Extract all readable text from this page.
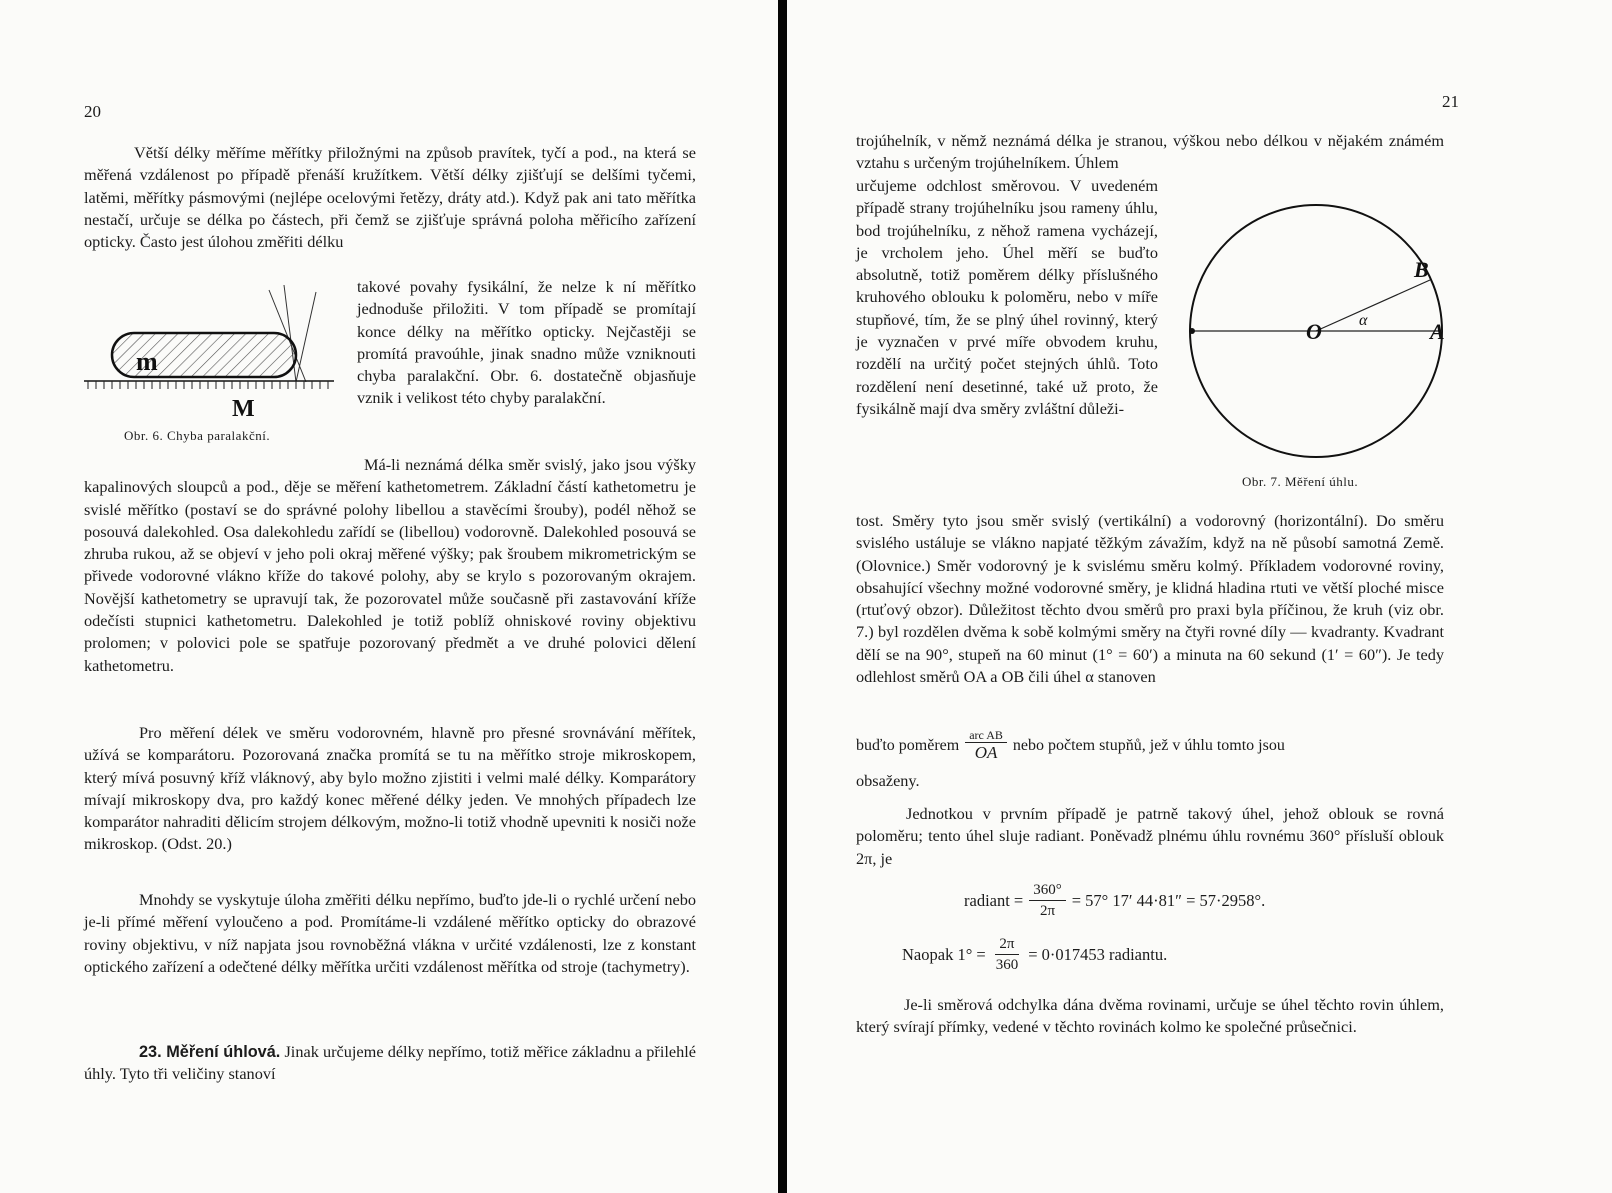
20

Větší délky měříme měřítky přiložnými na způsob pravítek, tyčí a pod., na která se měřená vzdálenost po případě přenáší kružítkem. Větší délky zjišťují se delšími tyčemi, latěmi, měřítky pásmovými (nejlépe ocelovými řetězy, dráty atd.). Když pak ani tato měřítka nestačí, určuje se délka po částech, při čemž se zjišťuje správná poloha měřicího zařízení opticky. Často jest úlohou změřiti délku

takové povahy fysikální, že nelze k ní měřítko jednoduše přiložiti. V tom případě se promítají konce délky na měřítko opticky. Nejčastěji se promítá pravoúhle, jinak snadno může vzniknouti chyba paralakční. Obr. 6. dostatečně objasňuje vznik i velikost této chyby paralakční.

m
M
Obr. 6. Chyba paralakční.

Má-li neznámá délka směr svislý, jako jsou výšky kapalinových sloupců a pod., děje se měření kathetometrem. Základní částí kathetometru je svislé měřítko (postaví se do správné polohy libellou a stavěcími šrouby), podél něhož se posouvá dalekohled. Osa dalekohledu zařídí se (libellou) vodorovně. Dalekohled posouvá se zhruba rukou, až se objeví v jeho poli okraj měřené výšky; pak šroubem mikrometrickým se přivede vodorovné vlákno kříže do takové polohy, aby se krylo s pozorovaným okrajem. Novější kathetometry se upravují tak, že pozorovatel může současně při zastavování kříže odečísti stupnici kathetometru. Dalekohled je totiž poblíž ohniskové roviny objektivu prolomen; v polovici pole se spatřuje pozorovaný předmět a ve druhé polovici dělení kathetometru.

Pro měření délek ve směru vodorovném, hlavně pro přesné srovnávání měřítek, užívá se komparátoru. Pozorovaná značka promítá se tu na měřítko stroje mikroskopem, který mívá posuvný kříž vláknový, aby bylo možno zjistiti i velmi malé délky. Komparátory mívají mikroskopy dva, pro každý konec měřené délky jeden. Ve mnohých případech lze komparátor nahraditi dělicím strojem délkovým, možno-li totiž vhodně upevniti k nosiči nože mikroskop. (Odst. 20.)

Mnohdy se vyskytuje úloha změřiti délku nepřímo, buďto jde-li o rychlé určení nebo je-li přímé měření vyloučeno a pod. Promítáme-li vzdálené měřítko opticky do obrazové roviny objektivu, v níž napjata jsou rovnoběžná vlákna v určité vzdálenosti, lze z konstant optického zařízení a odečtené délky měřítka určiti vzdálenost měřítka od stroje (tachymetry).

23. Měření úhlová. Jinak určujeme délky nepřímo, totiž měřice základnu a přilehlé úhly. Tyto tři veličiny stanoví

21

trojúhelník, v němž neznámá délka je stranou, výškou nebo délkou v nějakém známém vztahu s určeným trojúhelníkem. Úhlem

určujeme odchlost směrovou. V uvedeném případě strany trojúhelníku jsou rameny úhlu, bod trojúhelníku, z něhož ramena vycházejí, je vrcholem jeho. Úhel měří se buďto absolutně, totiž poměrem délky příslušného kruhového oblouku k poloměru, nebo v míře stupňové, tím, že se plný úhel rovinný, který je vyznačen v prvé míře obvodem kruhu, rozdělí na určitý počet stejných úhlů. Toto rozdělení není desetinné, také už proto, že fysikálně mají dva směry zvláštní důleži-

O	A
B
α
Obr. 7. Měření úhlu.

tost. Směry tyto jsou směr svislý (vertikální) a vodorovný (horizontální). Do směru svislého ustáluje se vlákno napjaté těžkým závažím, když na ně působí samotná Země. (Olovnice.) Směr vodorovný je k svislému směru kolmý. Příkladem vodorovné roviny, obsahující všechny možné vodorovné směry, je klidná hladina rtuti ve větší ploché misce (rtuťový obzor). Důležitost těchto dvou směrů pro praxi byla příčinou, že kruh (viz obr. 7.) byl rozdělen dvěma k sobě kolmými směry na čtyři rovné díly — kvadranty. Kvadrant dělí se na 90°, stupeň na 60 minut (1° = 60′) a minuta na 60 sekund (1′ = 60″). Je tedy odlehlost směrů OA a OB čili úhel α stanoven

buďto poměrem $\frac{\text{arc AB}}{OA}$ nebo počtem stupňů, jež v úhlu tomto jsou

obsaženy.

Jednotkou v prvním případě je patrně takový úhel, jehož oblouk se rovná poloměru; tento úhel sluje radiant. Poněvadž plnému úhlu rovnému 360° přísluší oblouk 2π, je

radiant = $\frac{360^\circ}{2\pi} = 57^\circ$ 17′ 44·81″ = 57·2958°.
Naopak $1^\circ = \frac{2\pi}{360} = 0\cdot 017453$ radiantu.

Je-li směrová odchylka dána dvěma rovinami, určuje se úhel těchto rovin úhlem, který svírají přímky, vedené v těchto rovinách kolmo ke společné průsečnici.
